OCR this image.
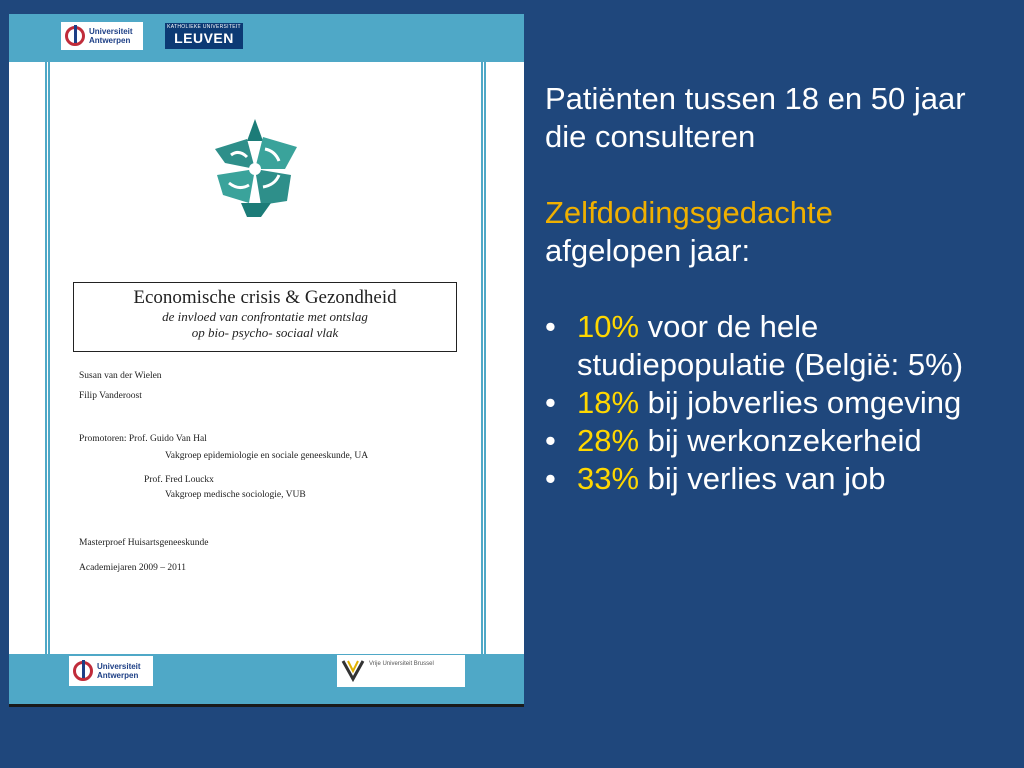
Universiteit
Antwerpen
KATHOLIEKE UNIVERSITEIT
LEUVEN
Economische crisis & Gezondheid
de invloed van confrontatie met ontslag
op bio- psycho- sociaal vlak
Susan van der Wielen
Filip Vanderoost
Promotoren: Prof. Guido Van Hal
Vakgroep epidemiologie en sociale geneeskunde, UA
Prof. Fred Louckx
Vakgroep medische sociologie, VUB
Masterproef Huisartsgeneeskunde
Academiejaren 2009 – 2011
Universiteit
Antwerpen
Vrije Universiteit Brussel

Patiënten tussen 18 en 50 jaar die consulteren

Zelfdodingsgedachte
afgelopen jaar:

• 10% voor de hele studiepopulatie (België: 5%)
• 18% bij jobverlies omgeving
• 28% bij werkonzekerheid
• 33% bij verlies van job
